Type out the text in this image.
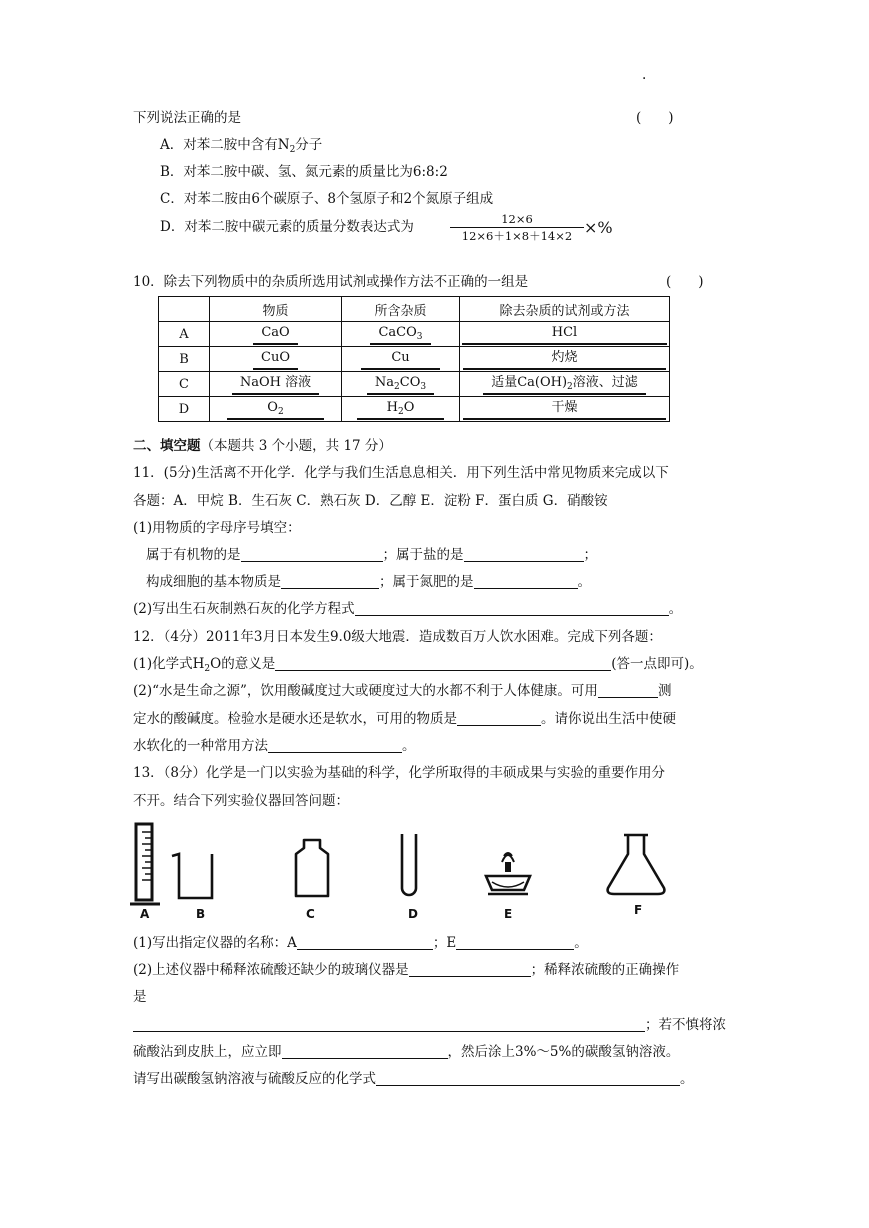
.
下列说法正确的是	(　　)
A．对苯二胺中含有$N_2$分子
B．对苯二胺中碳、氢、氮元素的质量比为6:8:2
C．对苯二胺由6个碳原子、8个氢原子和2个氮原子组成
D．对苯二胺中碳元素的质量分数表达式为	$\frac{12\times 6}{12\times 6+1\times 8+14\times 2}$ ×%
10．除去下列物质中的杂质所选用试剂或操作方法不正确的一组是	(　　)
	物质	所含杂质	除去杂质的试剂或方法
A	CaO	CaCO$_3$	HCl
B	CuO	Cu	灼烧
C	NaOH 溶液	$Na_2CO_3$	适量$Ca(OH)_2$溶液、过滤
D	$O_2$	$H_2O$	干燥
二、填空题（本题共 3 个小题，共 17 分）
11．(5分)生活离不开化学．化学与我们生活息息相关．用下列生活中常见物质来完成以下
各题：A．甲烷 B．生石灰 C．熟石灰 D．乙醇 E．淀粉 F．蛋白质 G．硝酸铵
(1)用物质的字母序号填空：
属于有机物的是	；属于盐的是	；
构成细胞的基本物质是	；属于氮肥的是	。
(2)写出生石灰制熟石灰的化学方程式	。
12．（4分）2011年3月日本发生9.0级大地震．造成数百万人饮水困难。完成下列各题：
(1)化学式$H_2O$的意义是	(答一点即可)。
(2)“水是生命之源”，饮用酸碱度过大或硬度过大的水都不利于人体健康。可用	测
定水的酸碱度。检验水是硬水还是软水，可用的物质是	。请你说出生活中使硬
水软化的一种常用方法	。
13．（8分）化学是一门以实验为基础的科学，化学所取得的丰硕成果与实验的重要作用分
不开。结合下列实验仪器回答问题：
A	B	C	D	E	F
(1)写出指定仪器的名称：A	；E	。
(2)上述仪器中稀释浓硫酸还缺少的玻璃仪器是	；稀释浓硫酸的正确操作
是
；若不慎将浓
硫酸沾到皮肤上，应立即	，然后涂上3%～5%的碳酸氢钠溶液。
请写出碳酸氢钠溶液与硫酸反应的化学式	。
